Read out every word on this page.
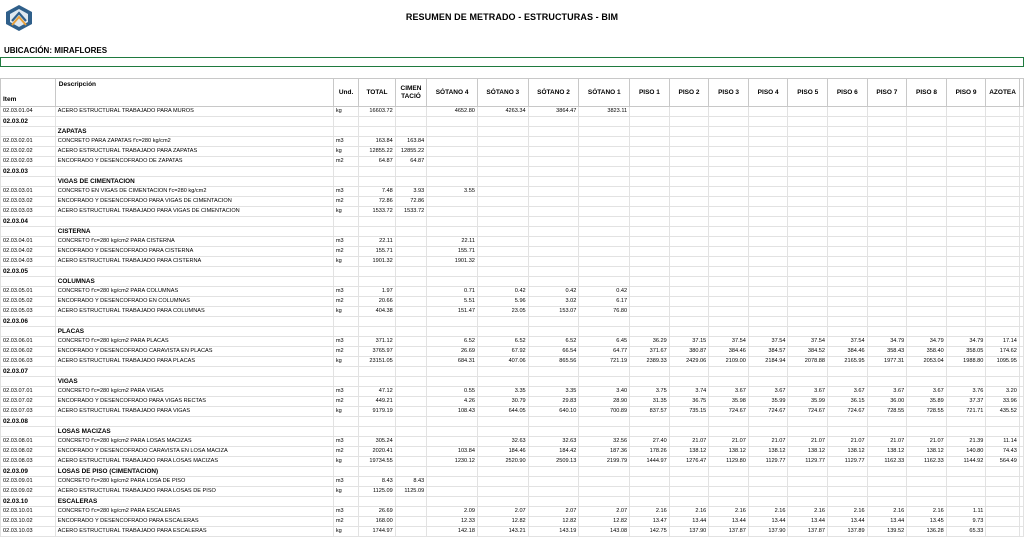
RESUMEN DE METRADO - ESTRUCTURAS - BIM
UBICACIÓN: MIRAFLORES
Item	Descripción	Und.	TOTAL	CIMEN TACIÓ	SÓTANO 4	SÓTANO 3	SÓTANO 2	SÓTANO 1	PISO 1	PISO 2	PISO 3	PISO 4	PISO 5	PISO 6	PISO 7	PISO 8	PISO 9	AZOTEA	
02.03.01.04	ACERO ESTRUCTURAL TRABAJADO PARA MUROS	kg	16603.72		4652.80	4263.34	3864.47	3823.11											
02.03.02																			
	ZAPATAS																		
02.03.02.01	CONCRETO PARA ZAPATAS f'c=280 kg/cm2	m3	163.84	163.84															
02.03.02.02	ACERO ESTRUCTURAL TRABAJADO PARA ZAPATAS	kg	12855.22	12855.22															
02.03.02.03	ENCOFRADO Y DESENCOFRADO DE ZAPATAS	m2	64.87	64.87															
02.03.03																			
	VIGAS DE CIMENTACION																		
02.03.03.01	CONCRETO EN VIGAS DE CIMENTACION f'c=280 kg/cm2	m3	7.48	3.93	3.55														
02.03.03.02	ENCOFRADO Y DESENCOFRADO PARA VIGAS DE CIMENTACION	m2	72.86	72.86															
02.03.03.03	ACERO ESTRUCTURAL TRABAJADO PARA VIGAS DE CIMENTACION	kg	1533.72	1533.72															
02.03.04																			
	CISTERNA																		
02.03.04.01	CONCRETO f'c=280 kg/cm2 PARA CISTERNA	m3	22.11		22.11														
02.03.04.02	ENCOFRADO Y DESENCOFRADO PARA CISTERNA	m2	155.71		155.71														
02.03.04.03	ACERO ESTRUCTURAL TRABAJADO PARA CISTERNA	kg	1901.32		1901.32														
02.03.05																			
	COLUMNAS																		
02.03.05.01	CONCRETO f'c=280 kg/cm2 PARA COLUMNAS	m3	1.97		0.71	0.42	0.42	0.42											
02.03.05.02	ENCOFRADO Y DESENCOFRADO EN COLUMNAS	m2	20.66		5.51	5.96	3.02	6.17											
02.03.05.03	ACERO ESTRUCTURAL TRABAJADO PARA COLUMNAS	kg	404.38		151.47	23.05	153.07	76.80											
02.03.06																			
	PLACAS																		
02.03.06.01	CONCRETO f'c=280 kg/cm2 PARA PLACAS	m3	371.12		6.52	6.52	6.52	6.45	36.29	37.15	37.54	37.54	37.54	37.54	34.79	34.79	34.79	17.14	
02.03.06.02	ENCOFRADO Y DESENCOFRADO CARAVISTA EN PLACAS	m2	3765.97		26.69	67.92	66.54	64.77	371.67	380.87	384.46	384.57	384.52	384.46	358.43	358.40	358.05	174.62	
02.03.06.03	ACERO ESTRUCTURAL TRABAJADO PARA PLACAS	kg	23151.05		684.31	407.06	865.56	721.19	2389.33	2429.06	2109.00	2184.94	2078.88	2165.95	1977.31	2053.04	1988.80	1095.95	
02.03.07																			
	VIGAS																		
02.03.07.01	CONCRETO f'c=280 kg/cm2 PARA VIGAS	m3	47.12		0.55	3.35	3.35	3.40	3.75	3.74	3.67	3.67	3.67	3.67	3.67	3.67	3.76	3.20	
02.03.07.02	ENCOFRADO Y DESENCOFRADO PARA VIGAS RECTAS	m2	449.21		4.26	30.79	29.83	28.90	31.35	36.75	35.98	35.99	35.99	36.15	36.00	35.89	37.37	33.96	
02.03.07.03	ACERO ESTRUCTURAL TRABAJADO PARA VIGAS	kg	9179.19		108.43	644.05	640.10	700.89	837.57	735.15	724.67	724.67	724.67	724.67	728.55	728.55	721.71	435.52	
02.03.08																			
	LOSAS MACIZAS																		
02.03.08.01	CONCRETO f'c=280 kg/cm2 PARA LOSAS MACIZAS	m3	305.24			32.63	32.63	32.56	27.40	21.07	21.07	21.07	21.07	21.07	21.07	21.07	21.39	11.14	
02.03.08.02	ENCOFRADO Y DESENCOFRADO CARAVISTA EN LOSA MACIZA	m2	2020.41		103.84	184.46	184.42	187.36	178.26	138.12	138.12	138.12	138.12	138.12	138.12	138.12	140.80	74.43	
02.03.08.03	ACERO ESTRUCTURAL TRABAJADO PARA LOSAS MACIZAS	kg	19734.55		1230.12	2520.90	2509.13	2199.79	1444.97	1276.47	1129.80	1129.77	1129.77	1129.77	1162.33	1162.33	1144.92	564.49	
02.03.09	LOSAS DE PISO (CIMENTACION)																		
02.03.09.01	CONCRETO f'c=280 kg/cm2 PARA LOSA DE PISO	m3	8.43	8.43															
02.03.09.02	ACERO ESTRUCTURAL TRABAJADO PARA LOSAS DE PISO	kg	1125.09	1125.09															
02.03.10	ESCALERAS																		
02.03.10.01	CONCRETO f'c=280 kg/cm2 PARA ESCALERAS	m3	26.69		2.09	2.07	2.07	2.07	2.16	2.16	2.16	2.16	2.16	2.16	2.16	2.16	1.11		
02.03.10.02	ENCOFRADO Y DESENCOFRADO PARA ESCALERAS	m2	168.00		12.33	12.82	12.82	12.82	13.47	13.44	13.44	13.44	13.44	13.44	13.44	13.45	9.73		
02.03.10.03	ACERO ESTRUCTURAL TRABAJADO PARA ESCALERAS	kg	1744.97		142.18	143.21	143.19	143.08	142.75	137.90	137.87	137.90	137.87	137.89	139.52	136.28	65.33		
